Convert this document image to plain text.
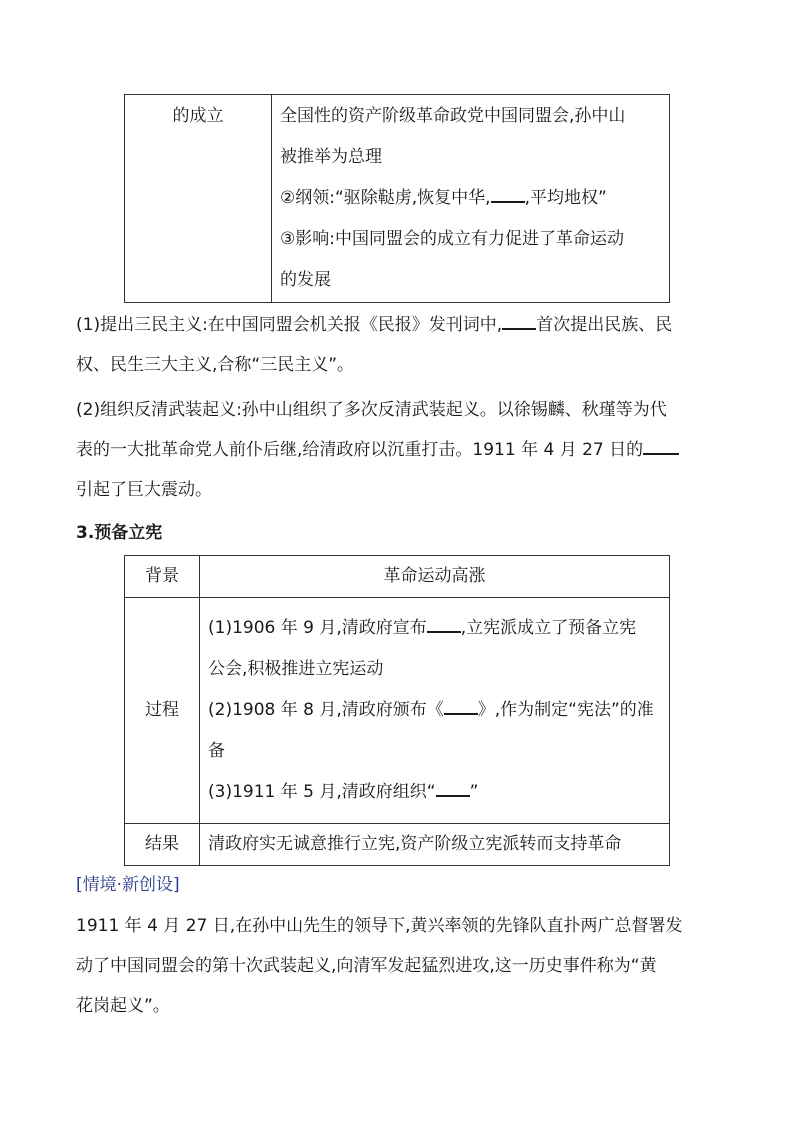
的成立	全国性的资产阶级革命政党中国同盟会,孙中山
被推举为总理
②纲领:“驱除鞑虏,恢复中华, ,平均地权”
③影响:中国同盟会的成立有力促进了革命运动
的发展

(1)提出三民主义:在中国同盟会机关报《民报》发刊词中, 首次提出民族、民
权、民生三大主义,合称“三民主义”。

(2)组织反清武装起义:孙中山组织了多次反清武装起义。以徐锡麟、秋瑾等为代
表的一大批革命党人前仆后继,给清政府以沉重打击。1911 年 4 月 27 日的
引起了巨大震动。

3.预备立宪
背景	革命运动高涨
过程	(1)1906 年 9 月,清政府宣布 ,立宪派成立了预备立宪
公会,积极推进立宪运动
(2)1908 年 8 月,清政府颁布《 》,作为制定“宪法”的准
备
(3)1911 年 5 月,清政府组织“ ”

结果	清政府实无诚意推行立宪,资产阶级立宪派转而支持革命
[情境·新创设]

1911 年 4 月 27 日,在孙中山先生的领导下,黄兴率领的先锋队直扑两广总督署发
动了中国同盟会的第十次武装起义,向清军发起猛烈进攻,这一历史事件称为“黄
花岗起义”。
